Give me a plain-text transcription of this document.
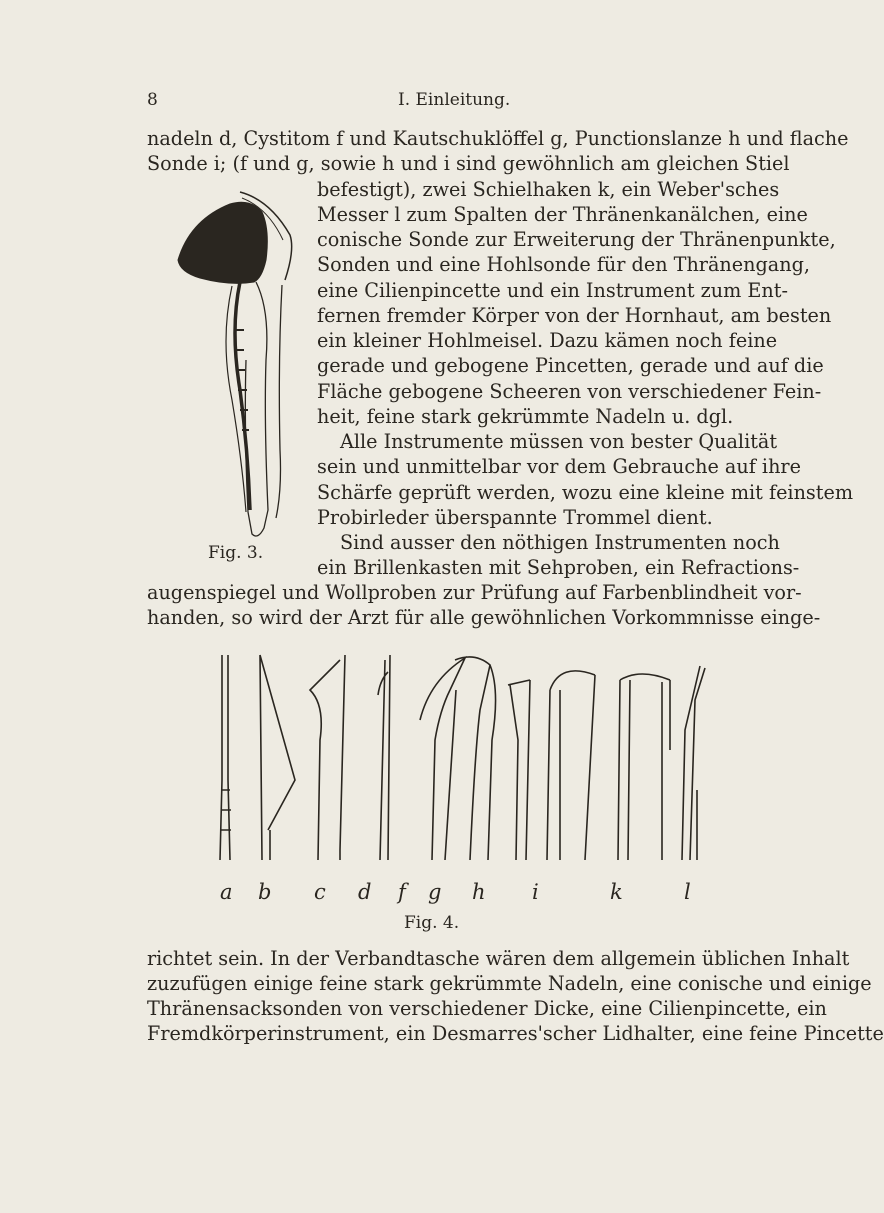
8	I. Einleitung.
nadeln d, Cystitom f und Kautschuklöffel g, Punctionslanze h und flache
Sonde i; (f und g, sowie h und i sind gewöhnlich am gleichen Stiel
befestigt), zwei Schielhaken k, ein Weber'sches
Messer l zum Spalten der Thränenkanälchen, eine
conische Sonde zur Erweiterung der Thränenpunkte,
Sonden und eine Hohlsonde für den Thränengang,
eine Cilienpincette und ein Instrument zum Ent-
fernen fremder Körper von der Hornhaut, am besten
ein kleiner Hohlmeisel. Dazu kämen noch feine
gerade und gebogene Pincetten, gerade und auf die
Fläche gebogene Scheeren von verschiedener Fein-
heit, feine stark gekrümmte Nadeln u. dgl.
Alle Instrumente müssen von bester Qualität
sein und unmittelbar vor dem Gebrauche auf ihre
Schärfe geprüft werden, wozu eine kleine mit feinstem
Probirleder überspannte Trommel dient.
Sind ausser den nöthigen Instrumenten noch
ein Brillenkasten mit Sehproben, ein Refractions-
augenspiegel und Wollproben zur Prüfung auf Farbenblindheit vor-
handen, so wird der Arzt für alle gewöhnlichen Vorkommnisse einge-
Fig. 3.
a b c d f g h i	k	l
Fig. 4.
richtet sein. In der Verbandtasche wären dem allgemein üblichen Inhalt
zuzufügen einige feine stark gekrümmte Nadeln, eine conische und einige
Thränensacksonden von verschiedener Dicke, eine Cilienpincette, ein
Fremdkörperinstrument, ein Desmarres'scher Lidhalter, eine feine Pincette
